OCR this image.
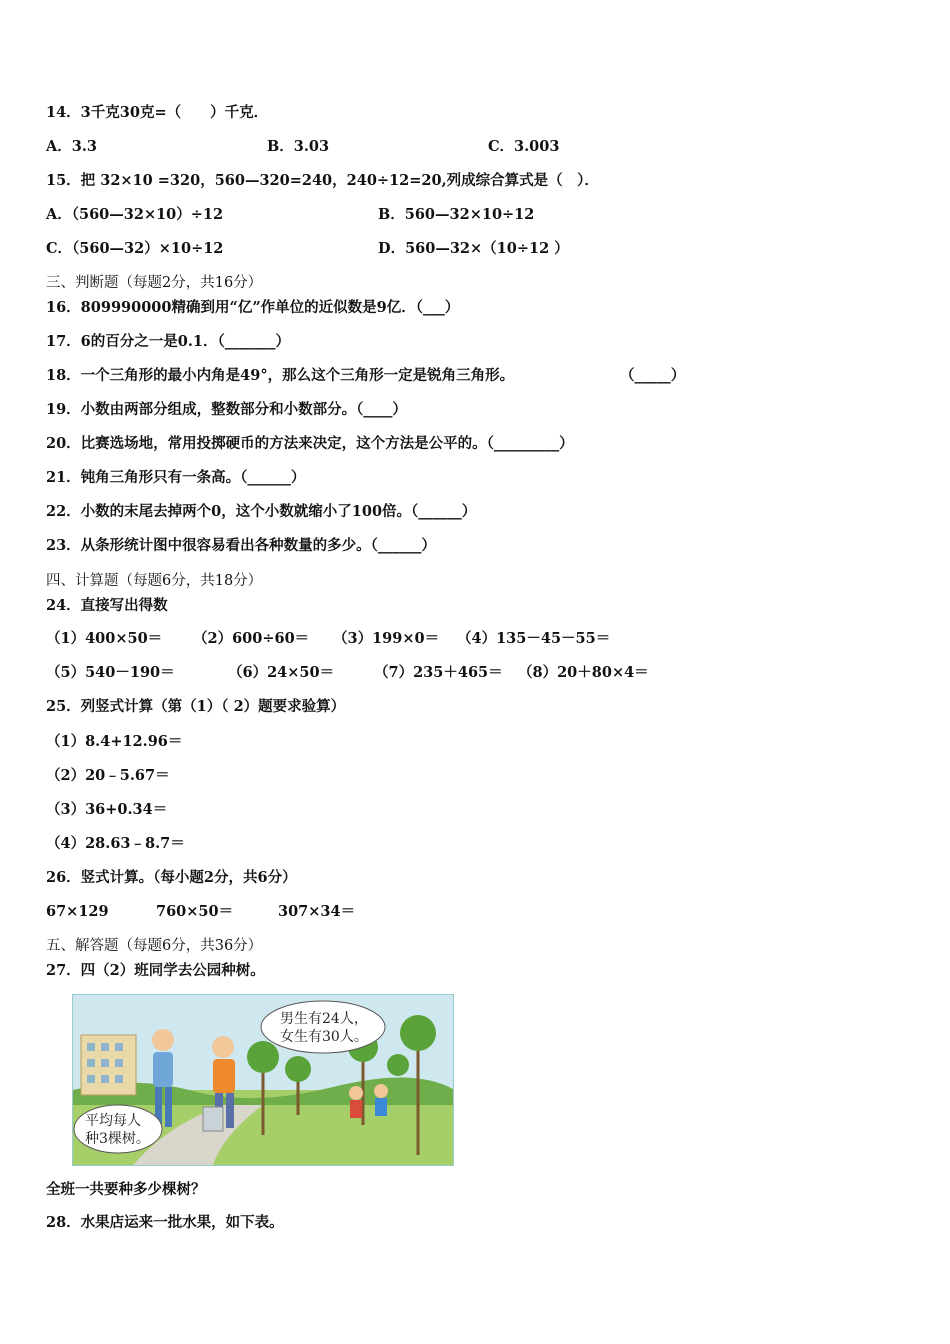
14．3千克30克=（　　）千克．
A．3.3	B．3.03	C．3.003
15．把 32×10 =320，560—320=240，240÷12=20,列成综合算式是（　）．
A．（560—32×10）÷12	B．560—32×10÷12
C．（560—32）×10÷12	D．560—32×（10÷12 ）
三、判断题（每题2分，共16分）
16．809990000精确到用“亿”作单位的近似数是9亿．（___）
17．6的百分之一是0.1．（_______）
18．一个三角形的最小内角是49°，那么这个三角形一定是锐角三角形。	（_____）
19．小数由两部分组成，整数部分和小数部分。（____）
20．比赛选场地，常用投掷硬币的方法来决定，这个方法是公平的。（_________）
21．钝角三角形只有一条高。（______）
22．小数的末尾去掉两个0，这个小数就缩小了100倍。（______）
23．从条形统计图中很容易看出各种数量的多少。（______）
四、计算题（每题6分，共18分）
24．直接写出得数
（1）400×50＝ （2）600÷60＝ （3）199×0＝ （4）135－45－55＝
（5）540－190＝	（6）24×50＝	（7）235＋465＝ （8）20＋80×4＝
25．列竖式计算（第（1）（ 2）题要求验算）
（1）8.4+12.96＝
（2）20﹣5.67＝
（3）36+0.34＝
（4）28.63﹣8.7＝
26．竖式计算。（每小题2分，共6分）
67×129	760×50＝	307×34＝
五、解答题（每题6分，共36分）
27．四（2）班同学去公园种树。
男生有24人，
女生有30人。
平均每人
种3棵树。
全班一共要种多少棵树？
28．水果店运来一批水果，如下表。
